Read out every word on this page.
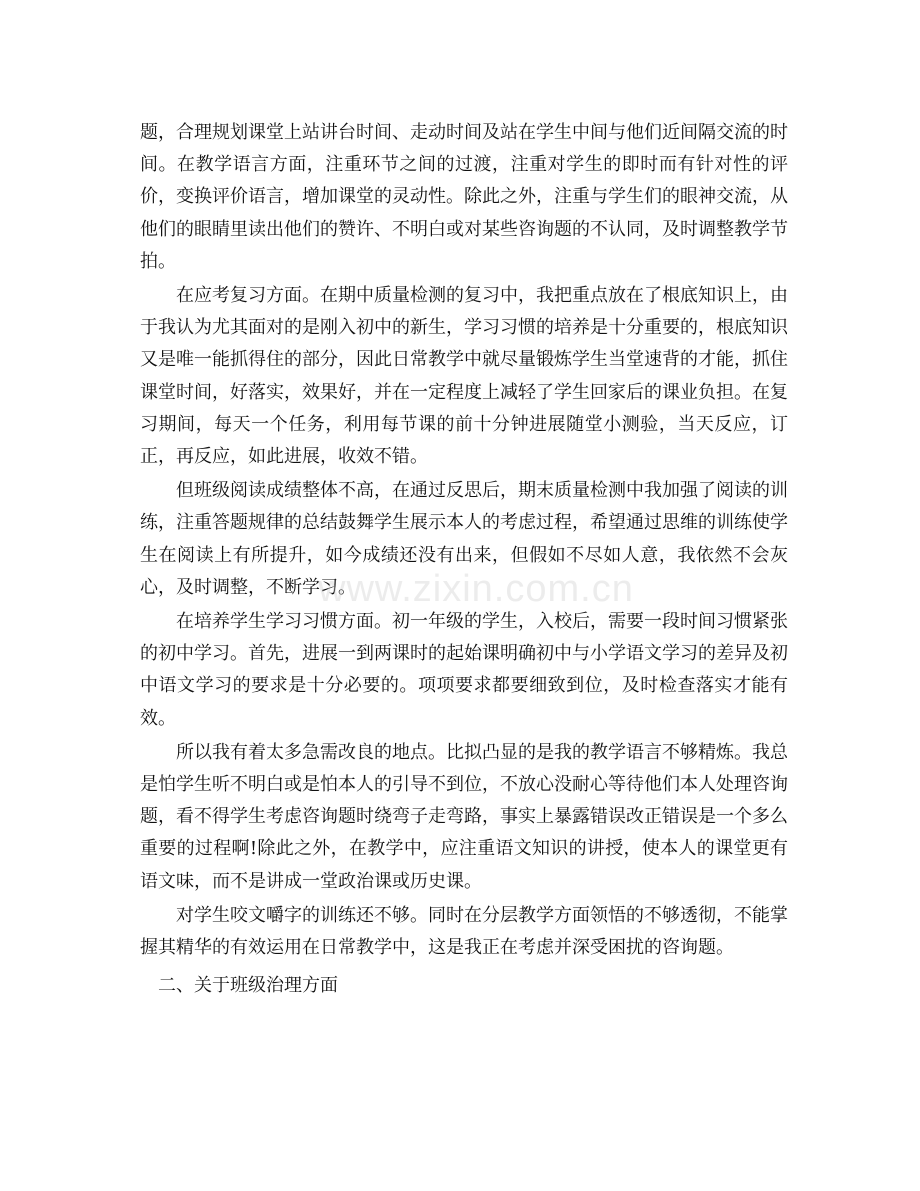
题，合理规划课堂上站讲台时间、走动时间及站在学生中间与他们近间隔交流的时间。在教学语言方面，注重环节之间的过渡，注重对学生的即时而有针对性的评价，变换评价语言，增加课堂的灵动性。除此之外，注重与学生们的眼神交流，从他们的眼睛里读出他们的赞许、不明白或对某些咨询题的不认同，及时调整教学节拍。

在应考复习方面。在期中质量检测的复习中，我把重点放在了根底知识上，由于我认为尤其面对的是刚入初中的新生，学习习惯的培养是十分重要的，根底知识又是唯一能抓得住的部分，因此日常教学中就尽量锻炼学生当堂速背的才能，抓住课堂时间，好落实，效果好，并在一定程度上减轻了学生回家后的课业负担。在复习期间，每天一个任务，利用每节课的前十分钟进展随堂小测验，当天反应，订正，再反应，如此进展，收效不错。

但班级阅读成绩整体不高，在通过反思后，期末质量检测中我加强了阅读的训练，注重答题规律的总结鼓舞学生展示本人的考虑过程，希望通过思维的训练使学生在阅读上有所提升，如今成绩还没有出来，但假如不尽如人意，我依然不会灰心，及时调整，不断学习。

在培养学生学习习惯方面。初一年级的学生，入校后，需要一段时间习惯紧张的初中学习。首先，进展一到两课时的起始课明确初中与小学语文学习的差异及初中语文学习的要求是十分必要的。项项要求都要细致到位，及时检查落实才能有效。

所以我有着太多急需改良的地点。比拟凸显的是我的教学语言不够精炼。我总是怕学生听不明白或是怕本人的引导不到位，不放心没耐心等待他们本人处理咨询题，看不得学生考虑咨询题时绕弯子走弯路，事实上暴露错误改正错误是一个多么重要的过程啊!除此之外，在教学中，应注重语文知识的讲授，使本人的课堂更有语文味，而不是讲成一堂政治课或历史课。

对学生咬文嚼字的训练还不够。同时在分层教学方面领悟的不够透彻，不能掌握其精华的有效运用在日常教学中，这是我正在考虑并深受困扰的咨询题。

二、关于班级治理方面

www.zixin.com.cn
